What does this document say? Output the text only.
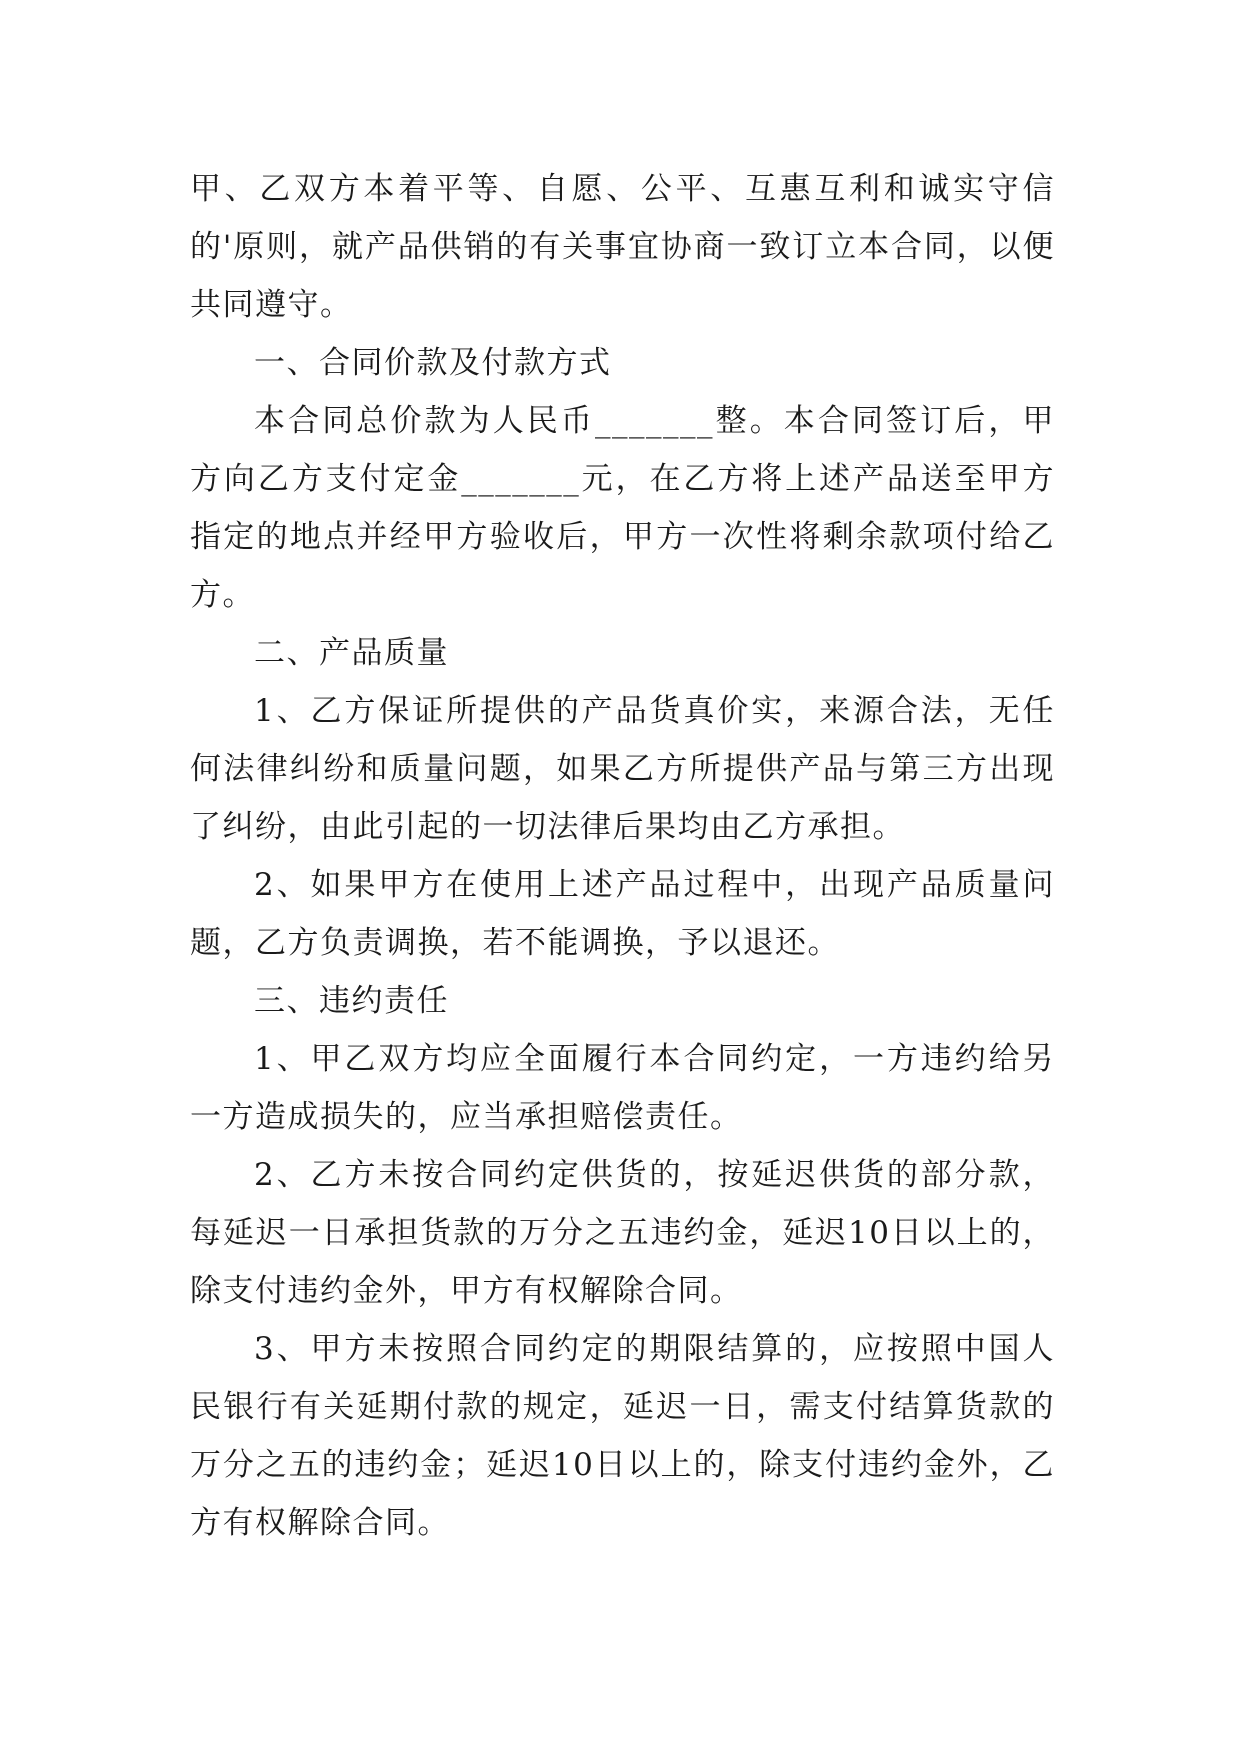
甲、乙双方本着平等、自愿、公平、互惠互利和诚实守信的'原则，就产品供销的有关事宜协商一致订立本合同，以便共同遵守。

一、合同价款及付款方式

本合同总价款为人民币_______整。本合同签订后，甲方向乙方支付定金_______元，在乙方将上述产品送至甲方指定的地点并经甲方验收后，甲方一次性将剩余款项付给乙方。

二、产品质量

1、乙方保证所提供的产品货真价实，来源合法，无任何法律纠纷和质量问题，如果乙方所提供产品与第三方出现了纠纷，由此引起的一切法律后果均由乙方承担。

2、如果甲方在使用上述产品过程中，出现产品质量问题，乙方负责调换，若不能调换，予以退还。

三、违约责任

1、甲乙双方均应全面履行本合同约定，一方违约给另一方造成损失的，应当承担赔偿责任。

2、乙方未按合同约定供货的，按延迟供货的部分款，每延迟一日承担货款的万分之五违约金，延迟10日以上的，除支付违约金外，甲方有权解除合同。

3、甲方未按照合同约定的期限结算的，应按照中国人民银行有关延期付款的规定，延迟一日，需支付结算货款的万分之五的违约金；延迟10日以上的，除支付违约金外，乙方有权解除合同。
